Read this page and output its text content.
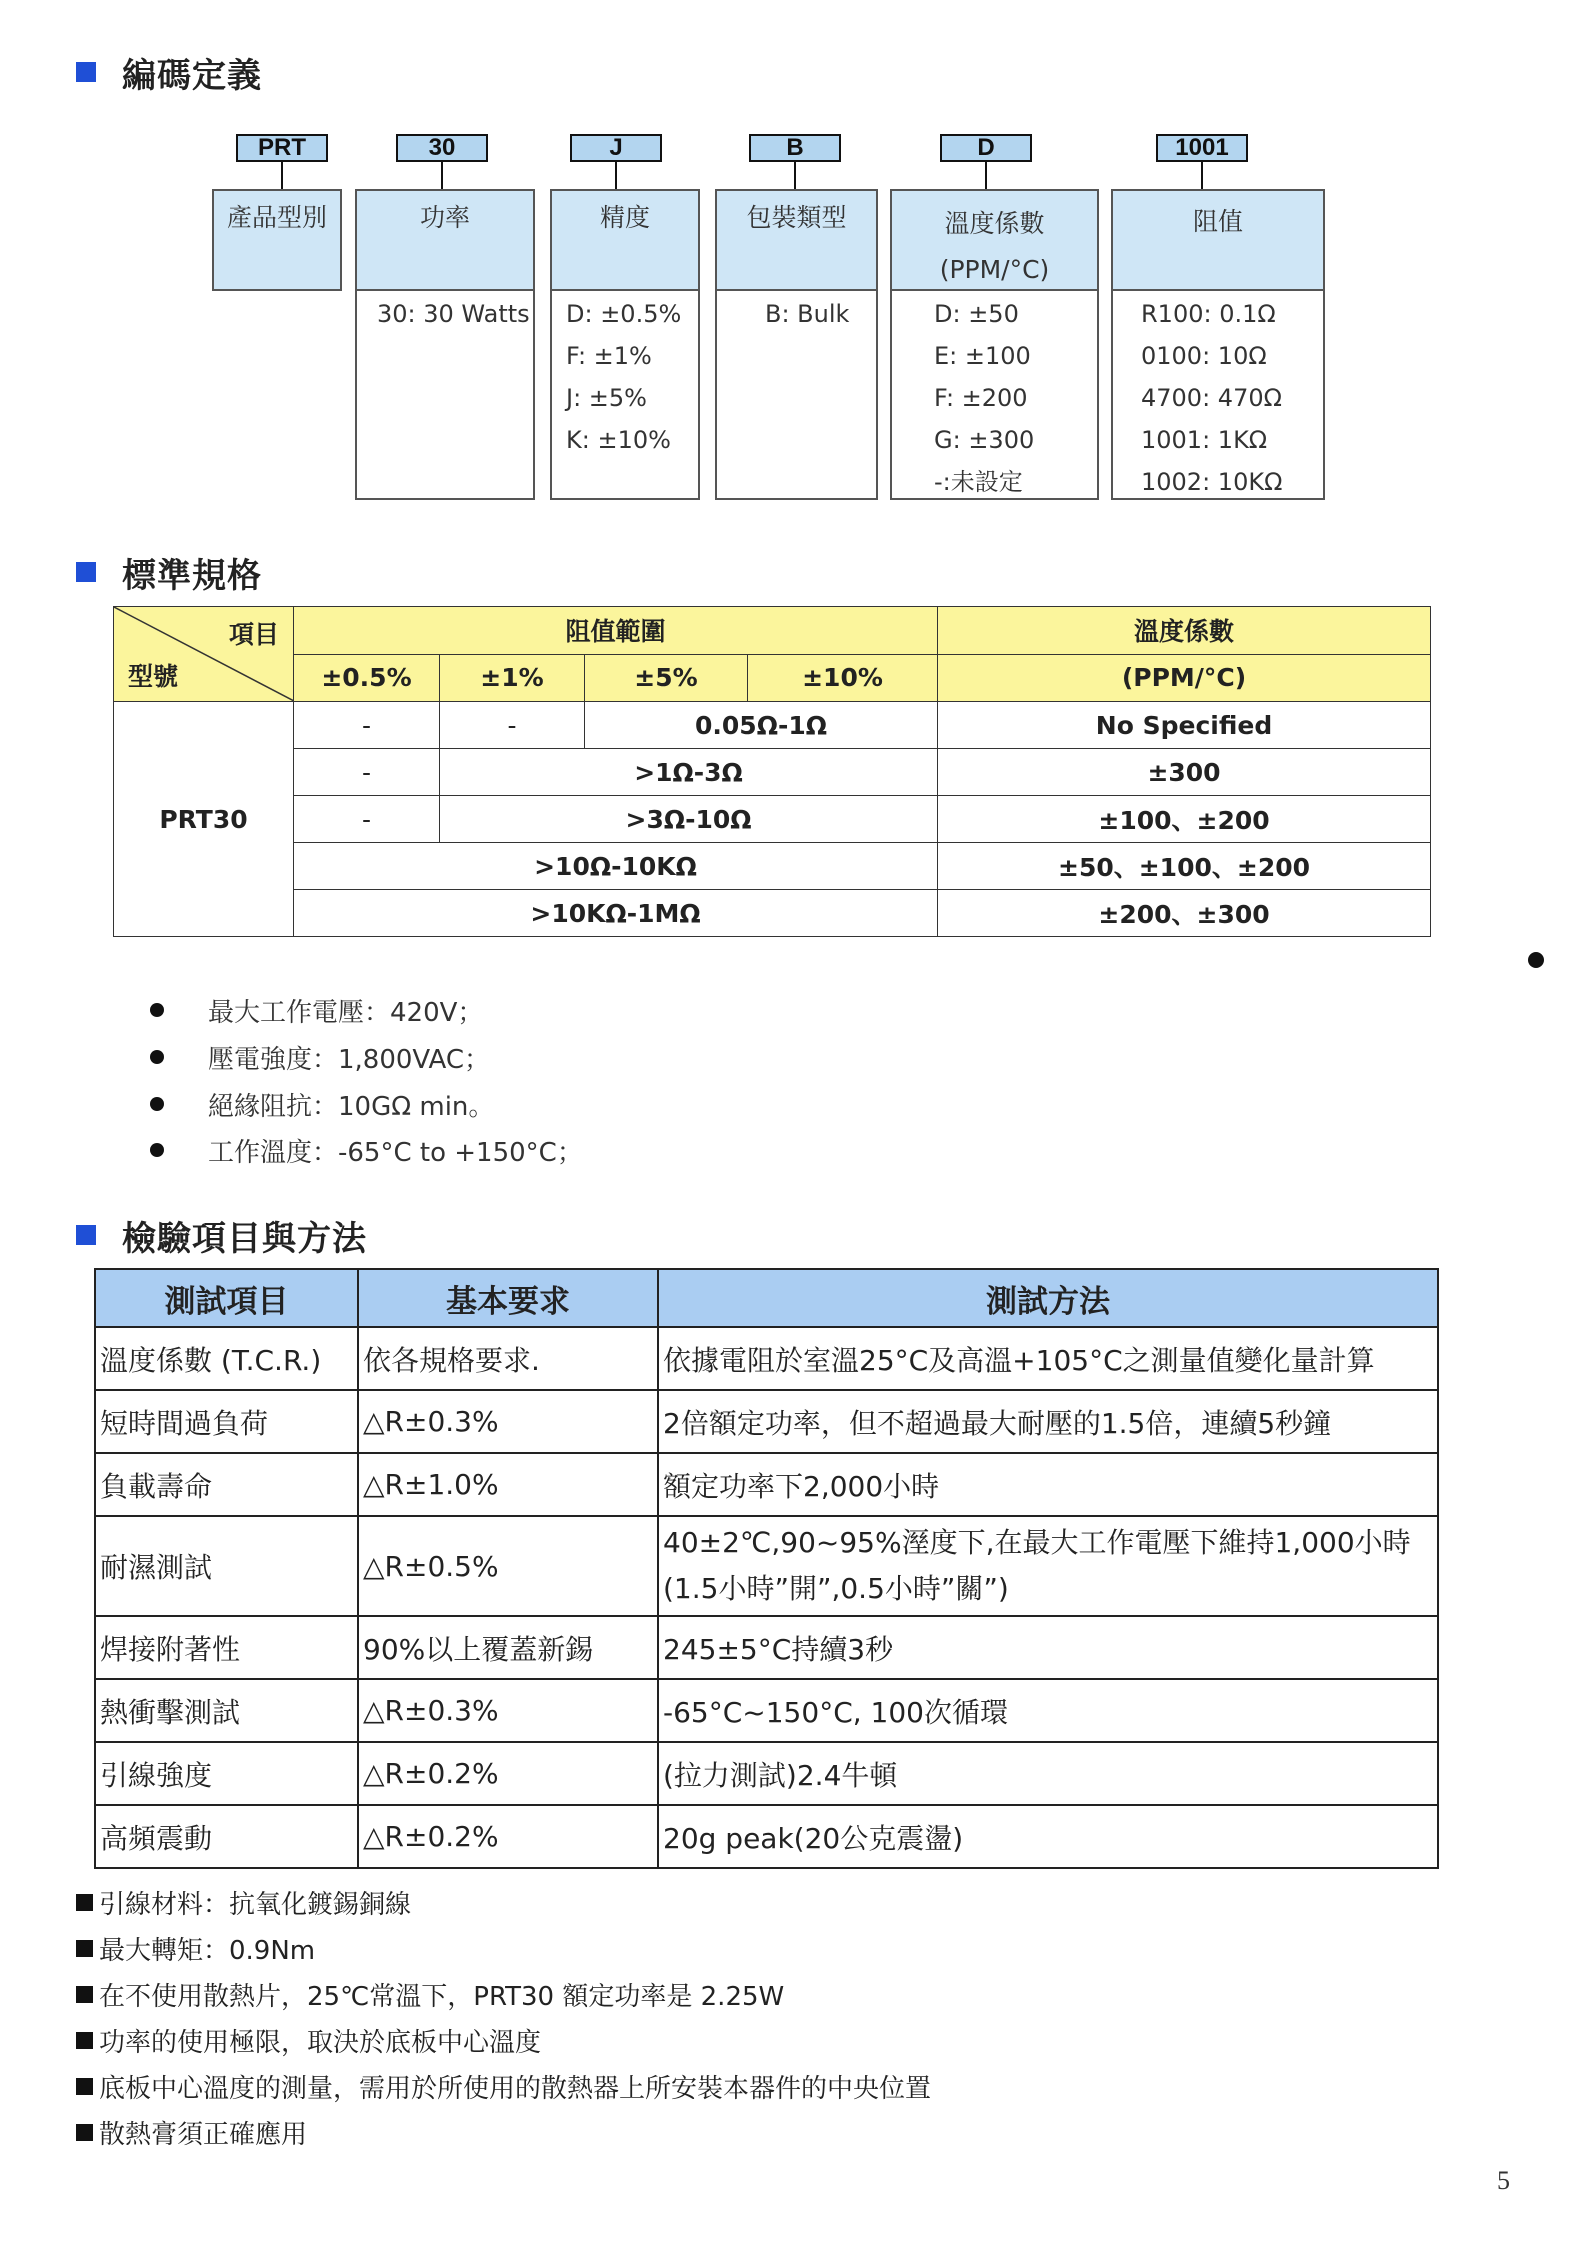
編碼定義
PRT	30	J	B	D	1001
產品型別	功率	精度	包裝類型	溫度係數
(PPM/°C)
阻值
30: 30 Watts D: ±0.5%
F: ±1%
J: ±5%
K: ±10%
B: Bulk	D: ±50
E: ±100
F: ±200
G: ±300
-:未設定
R100: 0.1Ω
0100: 10Ω
4700: 470Ω
1001: 1KΩ
1002: 10KΩ
標準規格
項目
型號	阻值範圍				溫度係數
	±0.5%	±1%	±5%	±10%	(PPM/°C)
PRT30	-	-	0.05Ω-1Ω		No Specified
	-	>1Ω-3Ω			±300
	-	>3Ω-10Ω			±100、±200
	>10Ω-10KΩ				±50、±100、±200
	>10KΩ-1MΩ				±200、±300
最大工作電壓：420V；
壓電強度：1,800VAC；
絕緣阻抗：10GΩ min。
工作溫度：-65°C to +150°C；
檢驗項目與方法
測試項目	基本要求	測試方法
溫度係數 (T.C.R.)	依各規格要求.	依據電阻於室溫25°C及高溫+105°C之測量值變化量計算
短時間過負荷	△R±0.3%	2倍額定功率，但不超過最大耐壓的1.5倍，連續5秒鐘
負載壽命	△R±1.0%	額定功率下2,000小時
耐濕測試	△R±0.5%	40±2℃,90~95%溼度下,在最大工作電壓下維持1,000小時(1.5小時”開”,0.5小時”關”)
焊接附著性	90%以上覆蓋新錫	245±5°C持續3秒
熱衝擊測試	△R±0.3%	-65°C~150°C, 100次循環
引線強度	△R±0.2%	(拉力測試)2.4牛頓
高頻震動	△R±0.2%	20g peak(20公克震盪)
引線材料：抗氧化鍍錫銅線
最大轉矩：0.9Nm
在不使用散熱片，25℃常溫下，PRT30 額定功率是 2.25W
功率的使用極限，取決於底板中心溫度
底板中心溫度的測量，需用於所使用的散熱器上所安裝本器件的中央位置
散熱膏須正確應用
5
